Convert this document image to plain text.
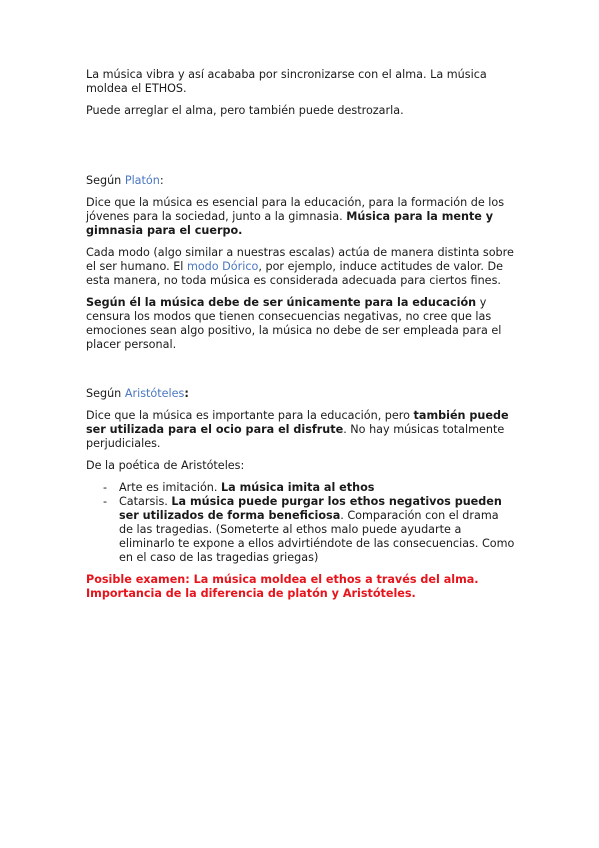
La música vibra y así acababa por sincronizarse con el alma. La música moldea el ETHOS.

Puede arreglar el alma, pero también puede destrozarla.

Según Platón:

Dice que la música es esencial para la educación, para la formación de los jóvenes para la sociedad, junto a la gimnasia. Música para la mente y gimnasia para el cuerpo.

Cada modo (algo similar a nuestras escalas) actúa de manera distinta sobre el ser humano. El modo Dórico, por ejemplo, induce actitudes de valor. De esta manera, no toda música es considerada adecuada para ciertos fines.

Según él la música debe de ser únicamente para la educación y censura los modos que tienen consecuencias negativas, no cree que las emociones sean algo positivo, la música no debe de ser empleada para el placer personal.

Según Aristóteles:

Dice que la música es importante para la educación, pero también puede ser utilizada para el ocio para el disfrute. No hay músicas totalmente perjudiciales.

De la poética de Aristóteles:

- Arte es imitación. La música imita al ethos
- Catarsis. La música puede purgar los ethos negativos pueden ser utilizados de forma beneficiosa. Comparación con el drama de las tragedias. (Someterte al ethos malo puede ayudarte a eliminarlo te expone a ellos advirtiéndote de las consecuencias. Como en el caso de las tragedias griegas)

Posible examen: La música moldea el ethos a través del alma.
Importancia de la diferencia de platón y Aristóteles.
